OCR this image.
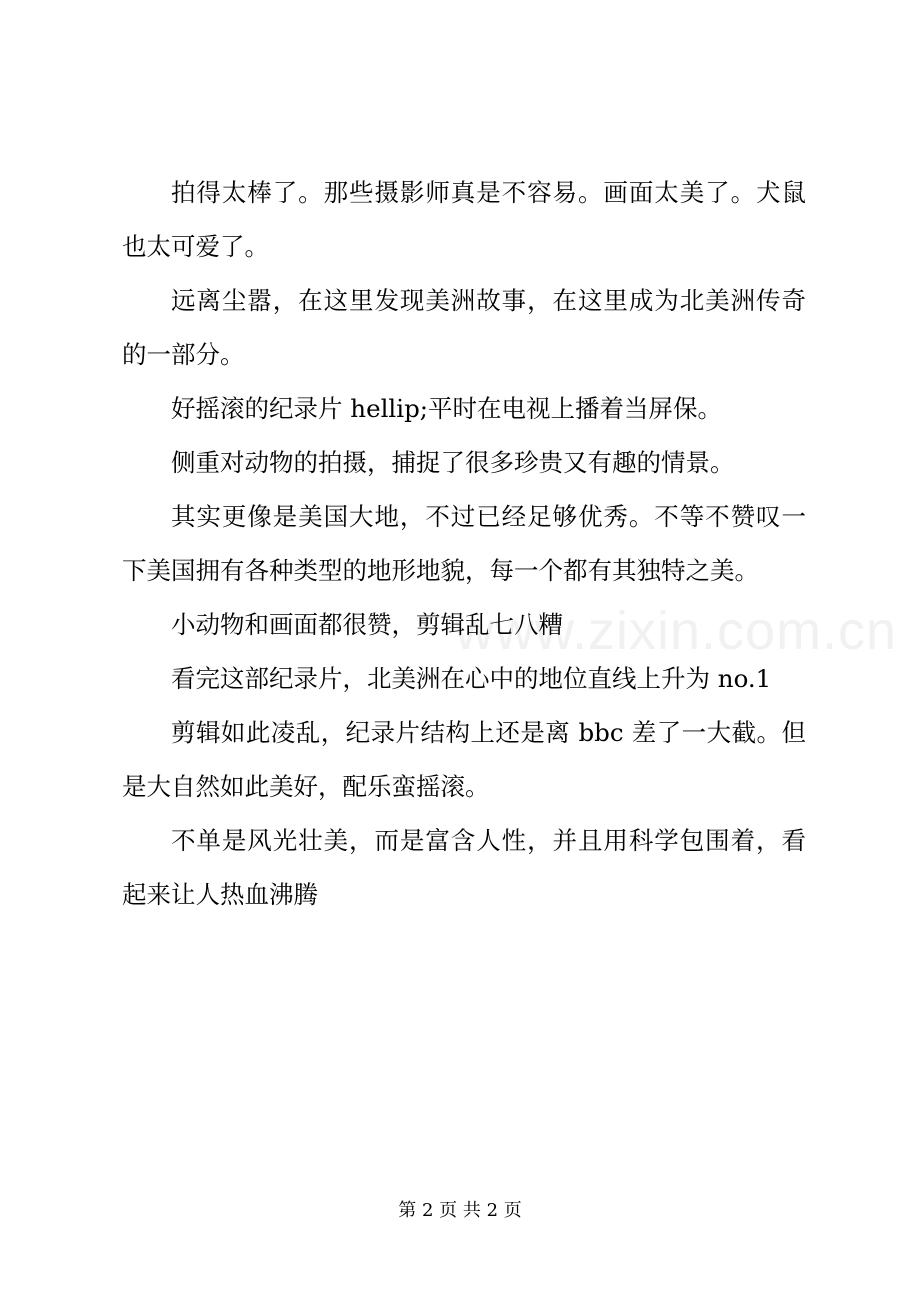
www.zixin.com.cn

拍得太棒了。那些摄影师真是不容易。画面太美了。犬鼠也太可爱了。

远离尘嚣，在这里发现美洲故事，在这里成为北美洲传奇的一部分。

好摇滚的纪录片 hellip;平时在电视上播着当屏保。

侧重对动物的拍摄，捕捉了很多珍贵又有趣的情景。

其实更像是美国大地，不过已经足够优秀。不等不赞叹一下美国拥有各种类型的地形地貌，每一个都有其独特之美。

小动物和画面都很赞，剪辑乱七八糟

看完这部纪录片，北美洲在心中的地位直线上升为 no.1

剪辑如此凌乱，纪录片结构上还是离 bbc 差了一大截。但是大自然如此美好，配乐蛮摇滚。

不单是风光壮美，而是富含人性，并且用科学包围着，看起来让人热血沸腾

第 2 页 共 2 页
